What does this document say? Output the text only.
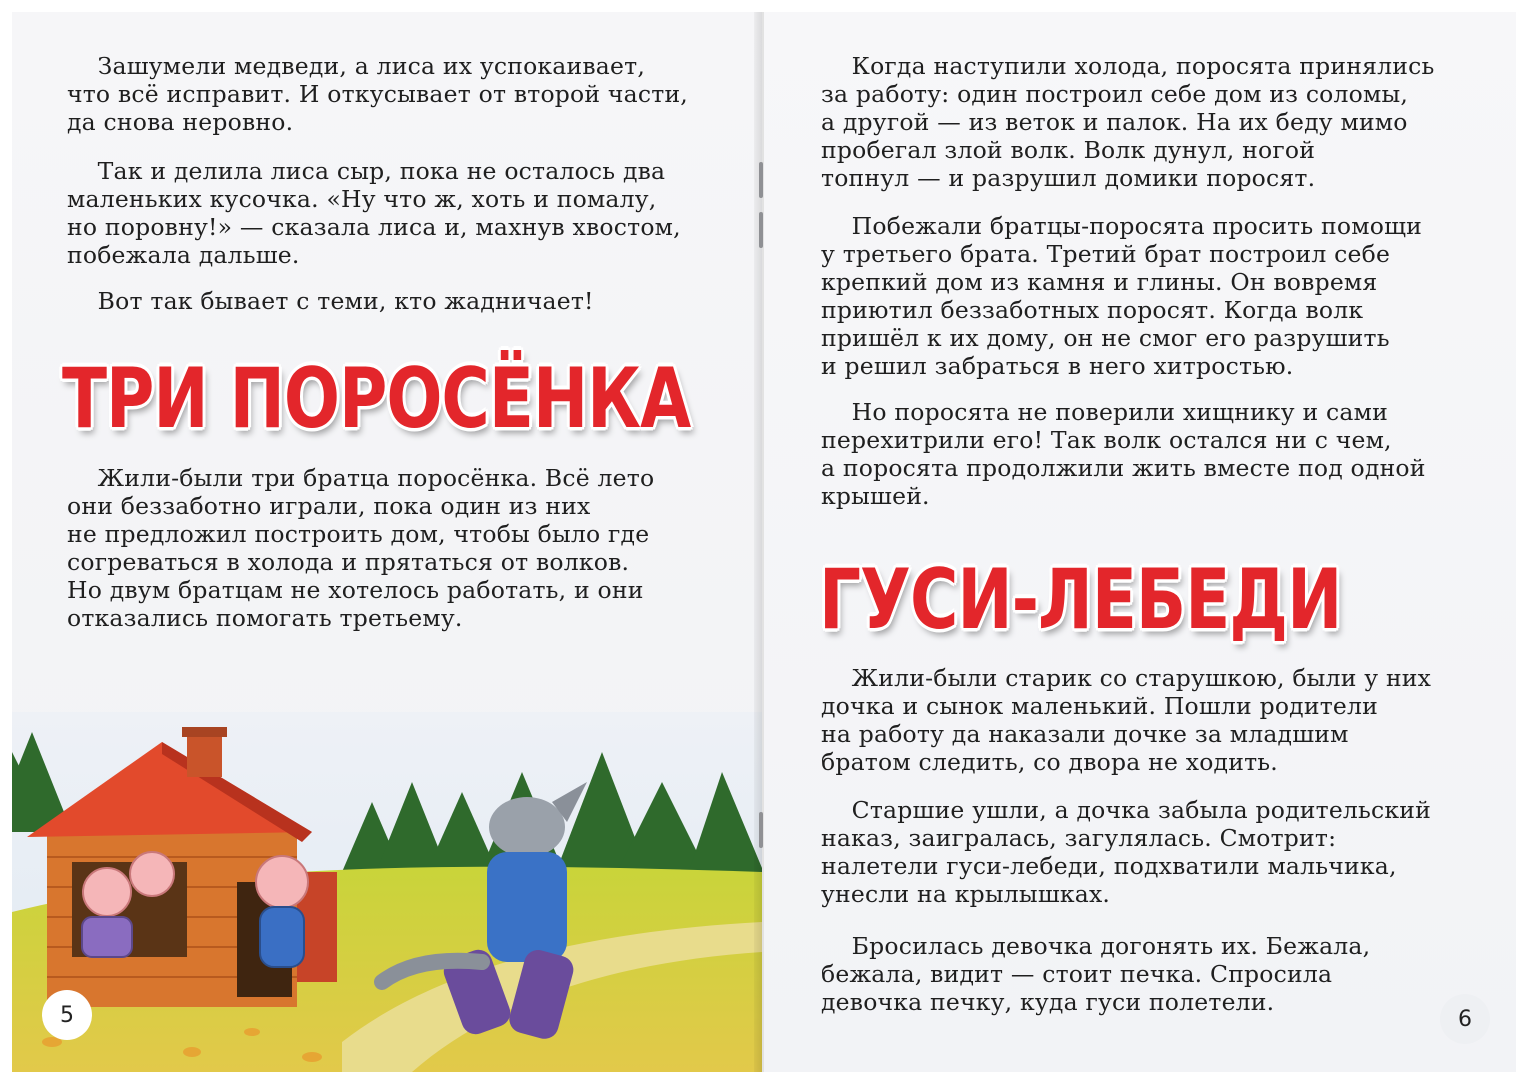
Зашумели медведи, а лиса их успокаивает,
что всё исправит. И откусывает от второй части,
да снова неровно.

Так и делила лиса сыр, пока не осталось два
маленьких кусочка. «Ну что ж, хоть и помалу,
но поровну!» — сказала лиса и, махнув хвостом,
побежала дальше.

Вот так бывает с теми, кто жадничает!

ТРИ ПОРОСЁНКА

Жили-были три братца поросёнка. Всё лето
они беззаботно играли, пока один из них
не предложил построить дом, чтобы было где
согреваться в холода и прятаться от волков.
Но двум братцам не хотелось работать, и они
отказались помогать третьему.

5

Когда наступили холода, поросята принялись
за работу: один построил себе дом из соломы,
а другой — из веток и палок. На их беду мимо
пробегал злой волк. Волк дунул, ногой
топнул — и разрушил домики поросят.

Побежали братцы-поросята просить помощи
у третьего брата. Третий брат построил себе
крепкий дом из камня и глины. Он вовремя
приютил беззаботных поросят. Когда волк
пришёл к их дому, он не смог его разрушить
и решил забраться в него хитростью.

Но поросята не поверили хищнику и сами
перехитрили его! Так волк остался ни с чем,
а поросята продолжили жить вместе под одной
крышей.

ГУСИ-ЛЕБЕДИ

Жили-были старик со старушкою, были у них
дочка и сынок маленький. Пошли родители
на работу да наказали дочке за младшим
братом следить, со двора не ходить.

Старшие ушли, а дочка забыла родительский
наказ, заигралась, загулялась. Смотрит:
налетели гуси-лебеди, подхватили мальчика,
унесли на крылышках.

Бросилась девочка догонять их. Бежала,
бежала, видит — стоит печка. Спросила
девочка печку, куда гуси полетели.

6
